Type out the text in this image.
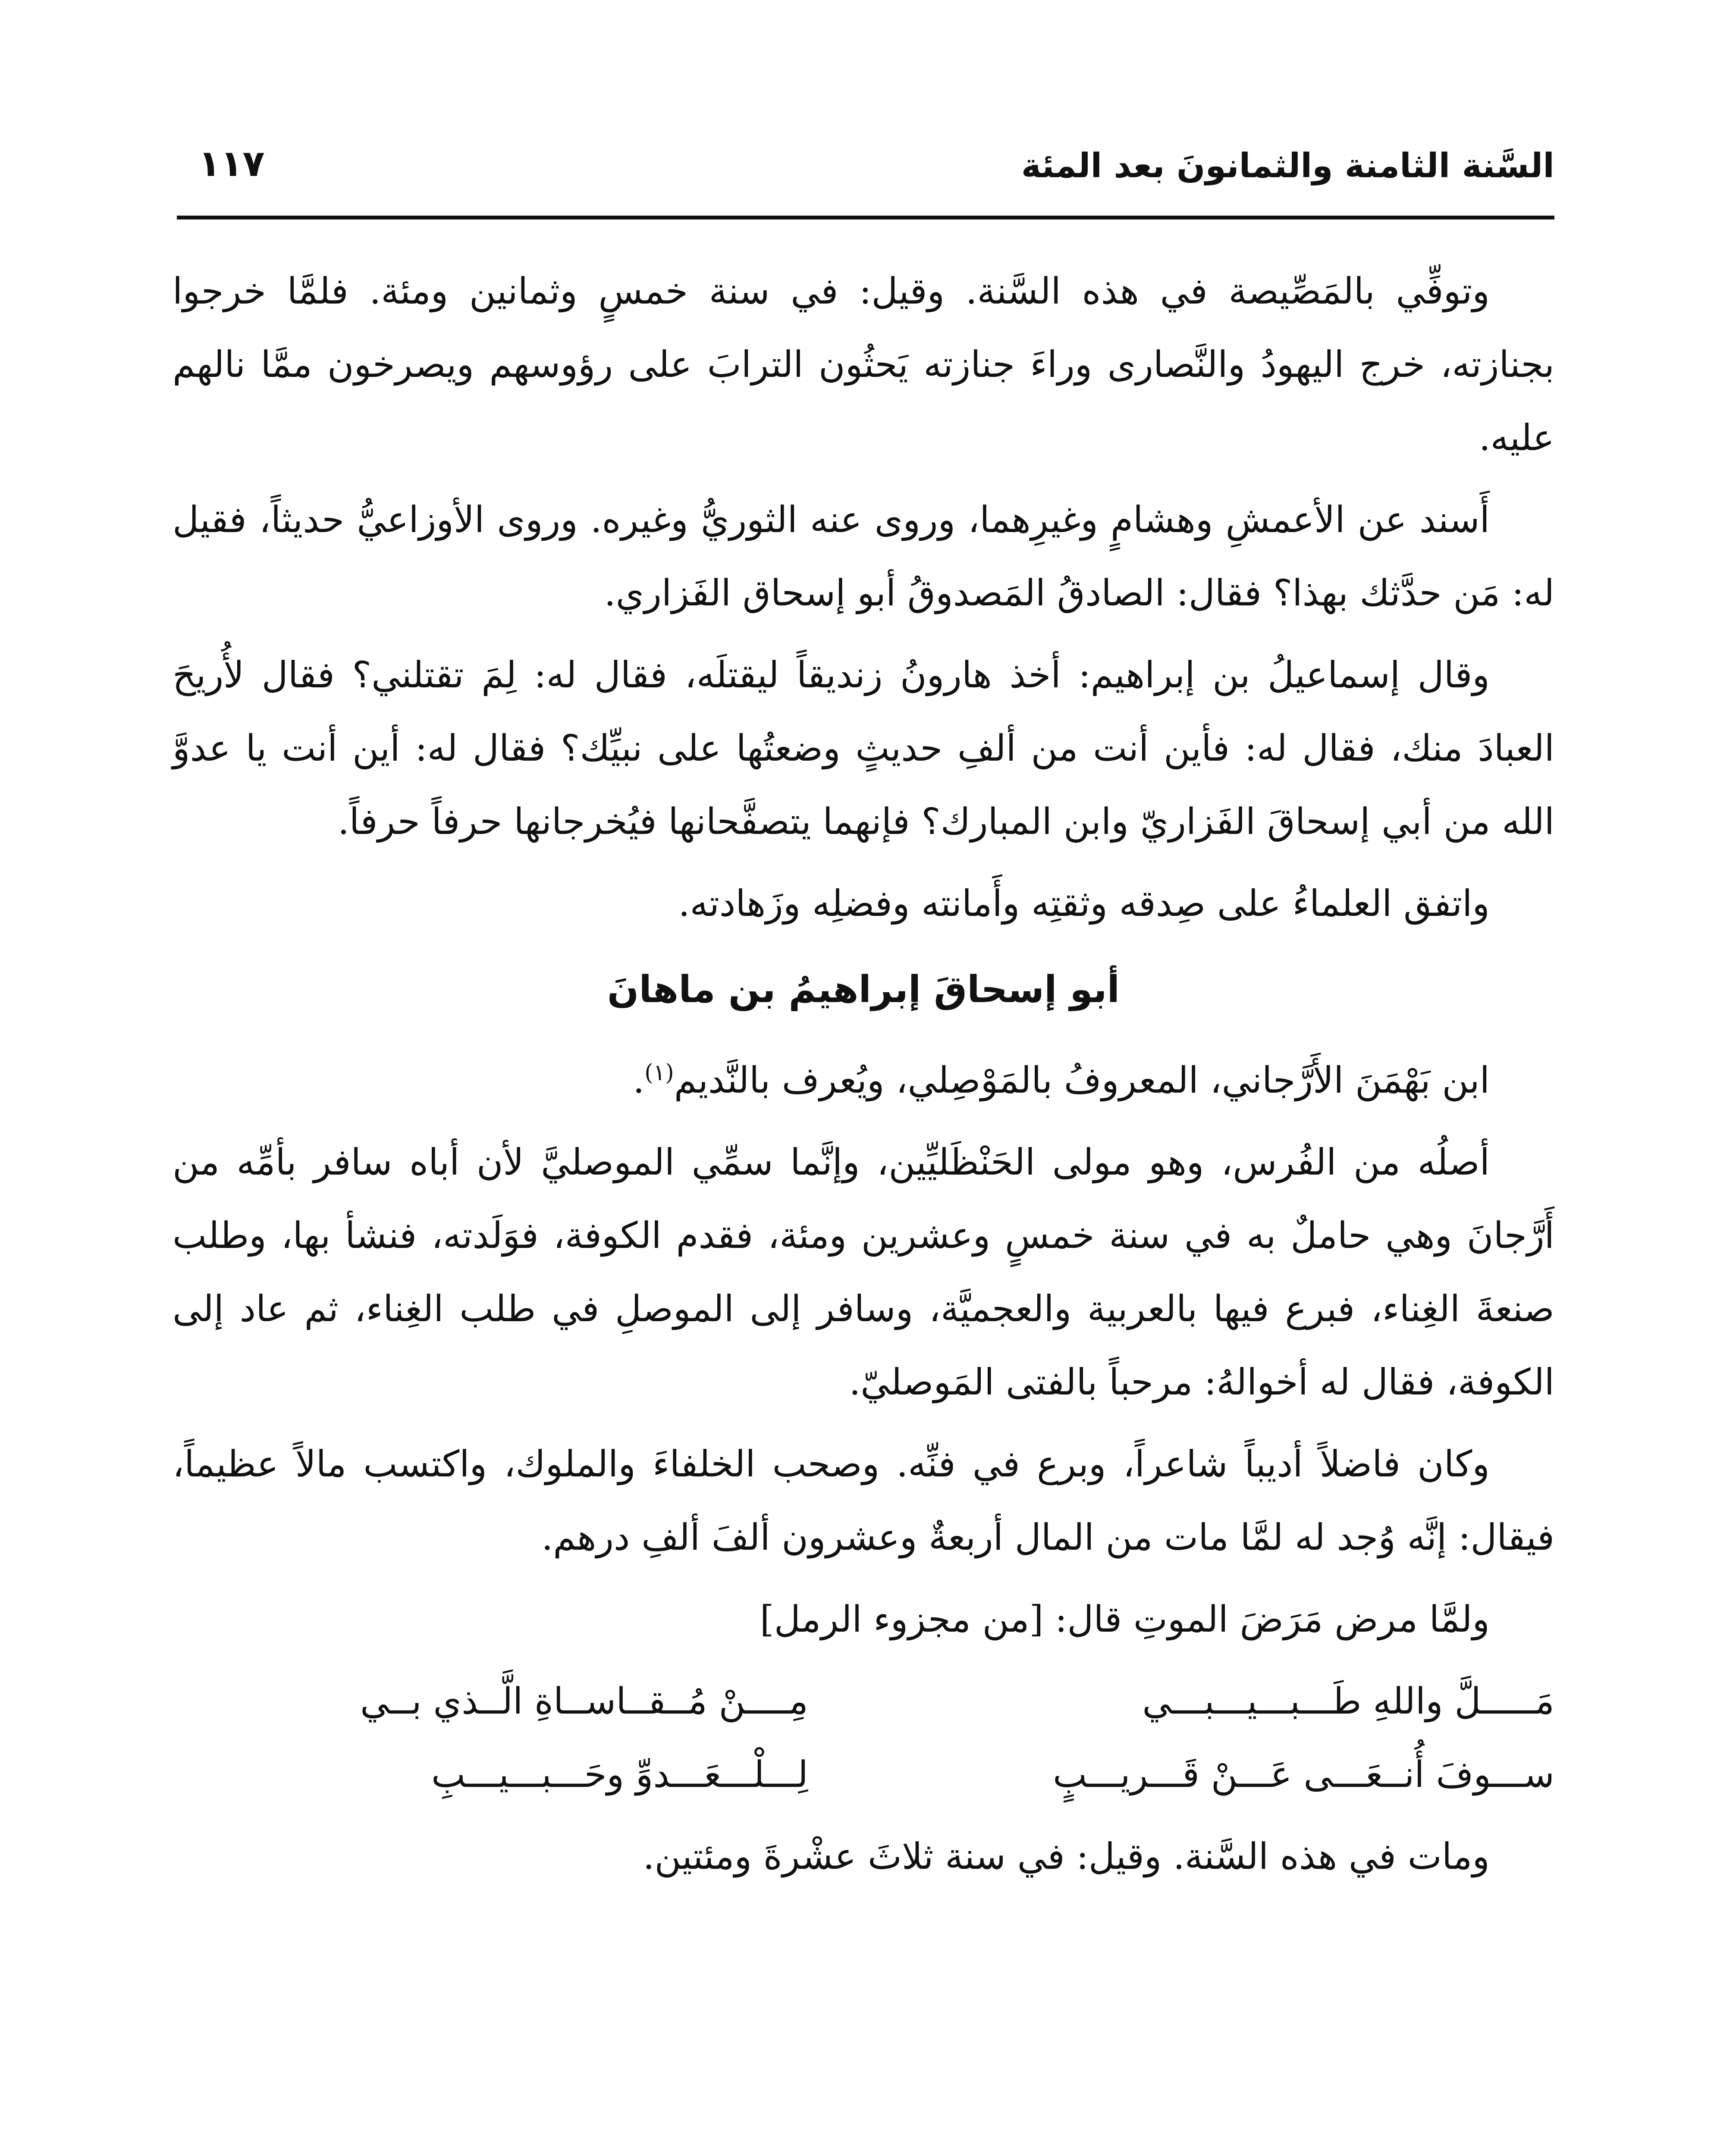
السَّنة الثامنة والثمانونَ بعد المئة
١١٧

وتوفِّي بالمَصِّيصة في هذه السَّنة. وقيل: في سنة خمسٍ وثمانين ومئة. فلمَّا خرجوا بجنازته، خرج اليهودُ والنَّصارى وراءَ جنازته يَحثُون الترابَ على رؤوسهم ويصرخون ممَّا نالهم عليه.

أَسند عن الأعمشِ وهشامٍ وغيرِهما، وروى عنه الثوريُّ وغيره. وروى الأوزاعيُّ حديثاً، فقيل له: مَن حدَّثك بهذا؟ فقال: الصادقُ المَصدوقُ أبو إسحاق الفَزاري.

وقال إسماعيلُ بن إبراهيم: أخذ هارونُ زنديقاً ليقتلَه، فقال له: لِمَ تقتلني؟ فقال لأُريحَ العبادَ منك، فقال له: فأين أنت من ألفِ حديثٍ وضعتُها على نبيِّك؟ فقال له: أين أنت يا عدوَّ الله من أبي إسحاقَ الفَزاريّ وابن المبارك؟ فإنهما يتصفَّحانها فيُخرجانها حرفاً حرفاً.

واتفق العلماءُ على صِدقه وثقتِه وأَمانته وفضلِه وزَهادته.

أبو إسحاقَ إبراهيمُ بن ماهانَ

ابن بَهْمَنَ الأَرَّجاني، المعروفُ بالمَوْصِلي، ويُعرف بالنَّديم$^{(١)}$.

أصلُه من الفُرس، وهو مولى الحَنْظَليِّين، وإنَّما سمِّي الموصليَّ لأن أباه سافر بأمِّه من أَرَّجانَ وهي حاملٌ به في سنة خمسٍ وعشرين ومئة، فقدم الكوفة، فوَلَدته، فنشأ بها، وطلب صنعةَ الغِناء، فبرع فيها بالعربية والعجميَّة، وسافر إلى الموصلِ في طلب الغِناء، ثم عاد إلى الكوفة، فقال له أخوالهُ: مرحباً بالفتى المَوصليّ.

وكان فاضلاً أديباً شاعراً، وبرع في فنِّه. وصحب الخلفاءَ والملوك، واكتسب مالاً عظيماً، فيقال: إنَّه وُجد له لمَّا مات من المال أربعةٌ وعشرون ألفَ ألفِ درهم.

ولمَّا مرض مَرَضَ الموتِ قال: [من مجزوء الرمل]

مَـــــلَّ واللهِ طَـــبـــيـــبـــي
مِــــنْ مُــقــاســاةِ الَّــذي بــي
ســـوفَ أُنــعَـــى عَـــنْ قَـــريـــبٍ
لِـــلْـــعَـــدوِّ وحَـــبـــيـــبِ

ومات في هذه السَّنة. وقيل: في سنة ثلاثَ عشْرةَ ومئتين.
